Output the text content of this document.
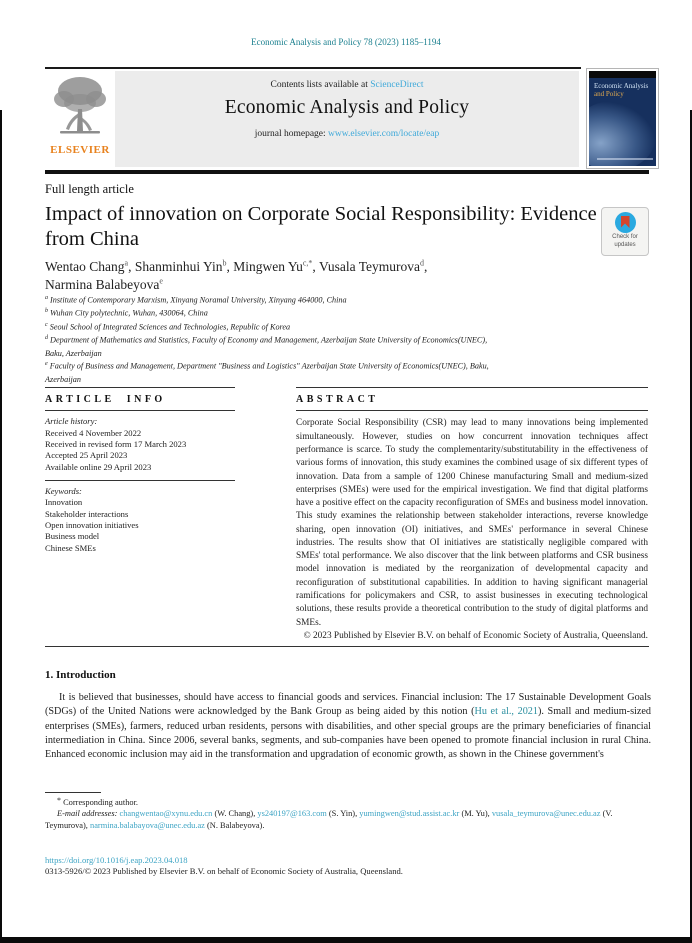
Economic Analysis and Policy 78 (2023) 1185–1194
ELSEVIER
Contents lists available at ScienceDirect
Economic Analysis and Policy
journal homepage: www.elsevier.com/locate/eap
Economic Analysis
and Policy
Full length article
Impact of innovation on Corporate Social Responsibility: Evidence from China	Check for
updates
Wentao Chang$^a$, Shanminhui Yin$^b$, Mingwen $Yu^{c,*}$, Vusala Teymurova$^d$,
Narmina Balabeyova$^e$
$^a$ Institute of Contemporary Marxism, Xinyang Noramal University, Xinyang 464000, China
$^b$ Wuhan City polytechnic, Wuhan, 430064, China
$^c$ Seoul School of Integrated Sciences and Technologies, Republic of Korea
$^d$ Department of Mathematics and Statistics, Faculty of Economy and Management, Azerbaijan State University of Economics(UNEC), Baku, Azerbaijan
$^e$ Faculty of Business and Management, Department "Business and Logistics" Azerbaijan State University of Economics(UNEC), Baku, Azerbaijan
ARTICLE INFO
Article history:
Received 4 November 2022
Received in revised form 17 March 2023
Accepted 25 April 2023
Available online 29 April 2023
Keywords:
Innovation
Stakeholder interactions
Open innovation initiatives
Business model
Chinese SMEs
ABSTRACT
Corporate Social Responsibility (CSR) may lead to many innovations being implemented simultaneously. However, studies on how concurrent innovation techniques affect performance is scarce. To study the complementarity/substitutability in the effectiveness of various forms of innovation, this study examines the combined usage of six different types of innovation. Data from a sample of 1200 Chinese manufacturing Small and medium-sized enterprises (SMEs) were used for the empirical investigation. We find that digital platforms have a positive effect on the capacity reconfiguration of SMEs and business model innovation. This study examines the relationship between stakeholder interactions, reverse knowledge sharing, open innovation (OI) initiatives, and SMEs' performance in several Chinese industries. The results show that OI initiatives are statistically negligible compared with SMEs' total performance. We also discover that the link between platforms and CSR business model innovation is mediated by the reorganization of developmental capacity and reconfiguration of substitutional capabilities. In addition to having significant managerial ramifications for policymakers and CSR, to assist businesses in executing technological solutions, these results provide a theoretical contribution to the study of digital platforms and SMEs.
© 2023 Published by Elsevier B.V. on behalf of Economic Society of Australia, Queensland.
1. Introduction
It is believed that businesses, should have access to financial goods and services. Financial inclusion: The 17 Sustainable Development Goals (SDGs) of the United Nations were acknowledged by the Bank Group as being aided by this notion (Hu et al., 2021). Small and medium-sized enterprises (SMEs), farmers, reduced urban residents, persons with disabilities, and other special groups are the primary beneficiaries of financial intermediation in China. Since 2006, several banks, segments, and sub-companies have been opened to promote financial inclusion in rural China. Enhanced economic inclusion may aid in the transformation and upgradation of economic growth, as shown in the Chinese government's

* Corresponding author.

E-mail addresses: changwentao@xynu.edu.cn (W. Chang), ys240197@163.com (S. Yin), yumingwen@stud.assist.ac.kr (M. Yu), vusala_teymurova@unec.edu.az (V. Teymurova), narmina.balabayova@unec.edu.az (N. Balabeyova).

https://doi.org/10.1016/j.eap.2023.04.018
0313-5926/© 2023 Published by Elsevier B.V. on behalf of Economic Society of Australia, Queensland.
